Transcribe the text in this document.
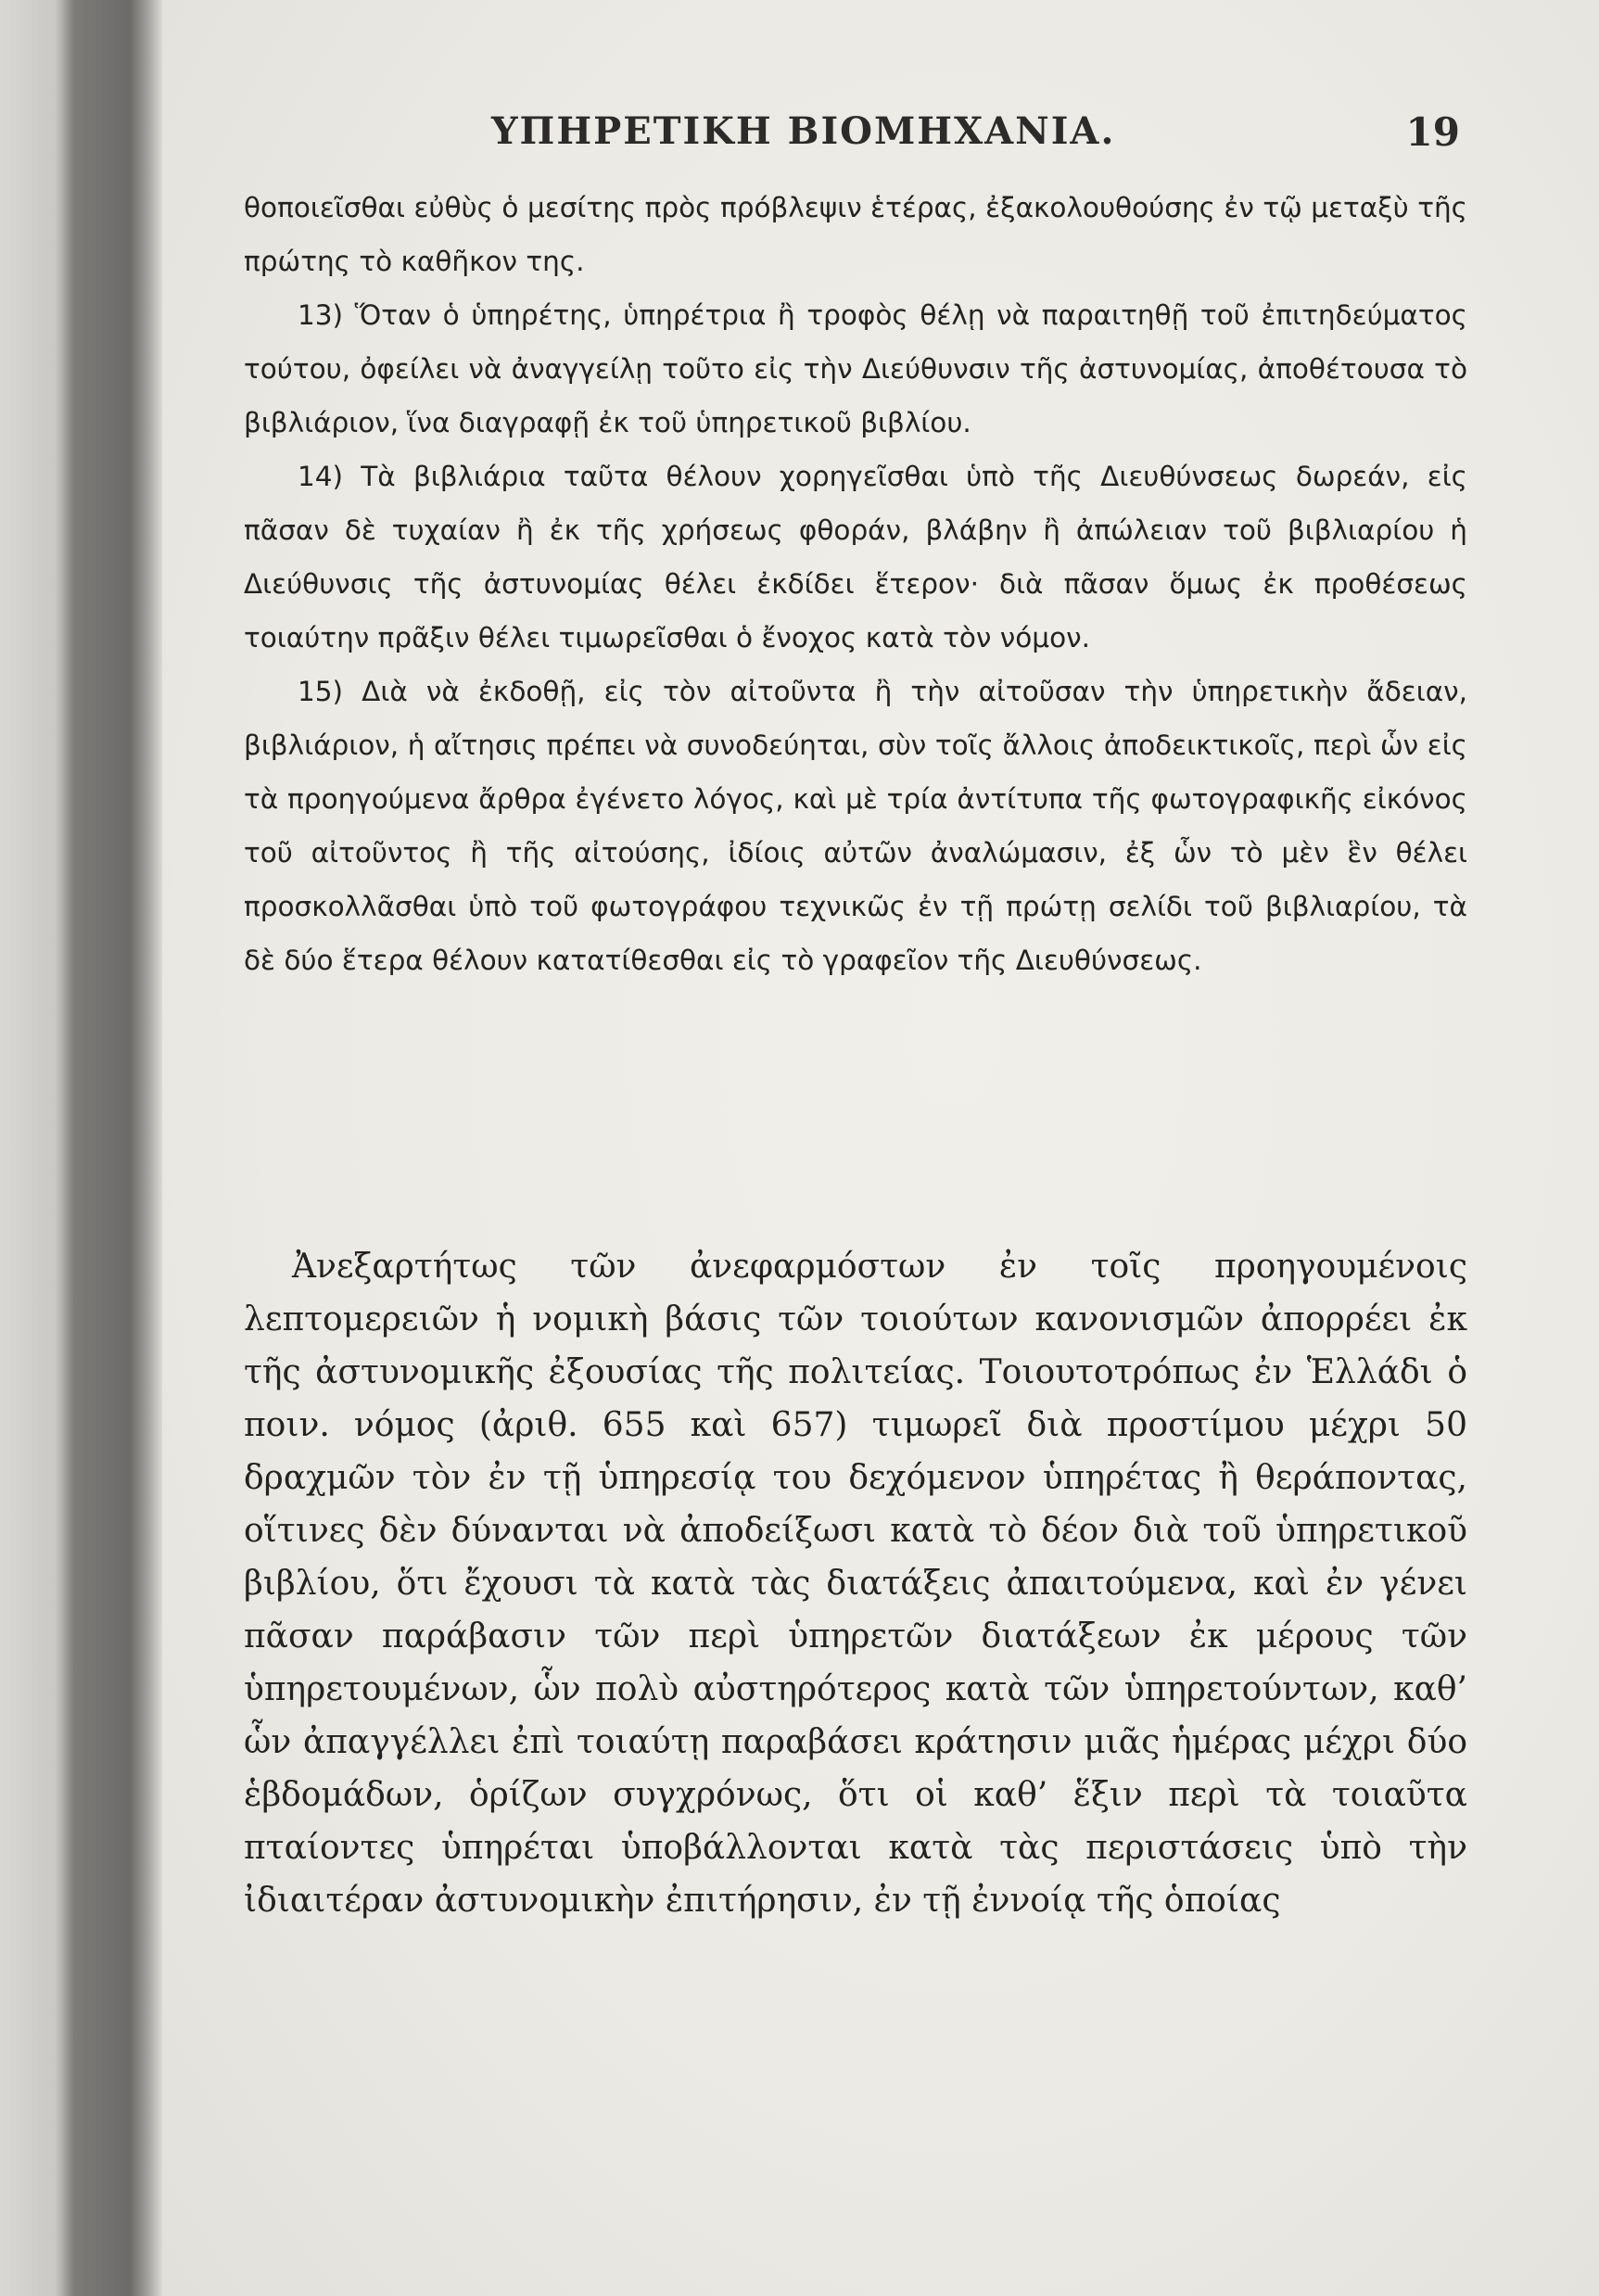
ΥΠΗΡΕΤΙΚΗ ΒΙΟΜΗΧΑΝΙΑ.	19

θοποιεῖσθαι εὐθὺς ὁ μεσίτης πρὸς πρόβλεψιν ἑτέρας, ἐξακολουθούσης ἐν τῷ μεταξὺ τῆς πρώτης τὸ καθῆκον της.

13) Ὅταν ὁ ὑπηρέτης, ὑπηρέτρια ἢ τροφὸς θέλῃ νὰ παραιτηθῇ τοῦ ἐπιτηδεύματος τούτου, ὀφείλει νὰ ἀναγγείλῃ τοῦτο εἰς τὴν Διεύθυνσιν τῆς ἀστυνομίας, ἀποθέτουσα τὸ βιβλιάριον, ἵνα διαγραφῇ ἐκ τοῦ ὑπηρετικοῦ βιβλίου.

14) Τὰ βιβλιάρια ταῦτα θέλουν χορηγεῖσθαι ὑπὸ τῆς Διευθύνσεως δωρεάν, εἰς πᾶσαν δὲ τυχαίαν ἢ ἐκ τῆς χρήσεως φθοράν, βλάβην ἢ ἀπώλειαν τοῦ βιβλιαρίου ἡ Διεύθυνσις τῆς ἀστυνομίας θέλει ἐκδίδει ἕτερον· διὰ πᾶσαν ὅμως ἐκ προθέσεως τοιαύτην πρᾶξιν θέλει τιμωρεῖσθαι ὁ ἔνοχος κατὰ τὸν νόμον.

15) Διὰ νὰ ἐκδοθῇ, εἰς τὸν αἰτοῦντα ἢ τὴν αἰτοῦσαν τὴν ὑπηρετικὴν ἄδειαν, βιβλιάριον, ἡ αἴτησις πρέπει νὰ συνοδεύηται, σὺν τοῖς ἄλλοις ἀποδεικτικοῖς, περὶ ὧν εἰς τὰ προηγούμενα ἄρθρα ἐγένετο λόγος, καὶ μὲ τρία ἀντίτυπα τῆς φωτογραφικῆς εἰκόνος τοῦ αἰτοῦντος ἢ τῆς αἰτούσης, ἰδίοις αὐτῶν ἀναλώμασιν, ἐξ ὧν τὸ μὲν ἓν θέλει προσκολλᾶσθαι ὑπὸ τοῦ φωτογράφου τεχνικῶς ἐν τῇ πρώτῃ σελίδι τοῦ βιβλιαρίου, τὰ δὲ δύο ἕτερα θέλουν κατατίθεσθαι εἰς τὸ γραφεῖον τῆς Διευθύνσεως.

Ἀνεξαρτήτως τῶν ἀνεφαρμόστων ἐν τοῖς προηγουμένοις λεπτομερειῶν ἡ νομικὴ βάσις τῶν τοιούτων κανονισμῶν ἀπορρέει ἐκ τῆς ἀστυνομικῆς ἐξουσίας τῆς πολιτείας. Τοιουτοτρόπως ἐν Ἑλλάδι ὁ ποιν. νόμος (ἀριθ. 655 καὶ 657) τιμωρεῖ διὰ προστίμου μέχρι 50 δραχμῶν τὸν ἐν τῇ ὑπηρεσίᾳ του δεχόμενον ὑπηρέτας ἢ θεράποντας, οἵτινες δὲν δύνανται νὰ ἀποδείξωσι κατὰ τὸ δέον διὰ τοῦ ὑπηρετικοῦ βιβλίου, ὅτι ἔχουσι τὰ κατὰ τὰς διατάξεις ἀπαιτούμενα, καὶ ἐν γένει πᾶσαν παράβασιν τῶν περὶ ὑπηρετῶν διατάξεων ἐκ μέρους τῶν ὑπηρετουμένων, ὧν πολὺ αὐστηρότερος κατὰ τῶν ὑπηρετούντων, καθ’ ὧν ἀπαγγέλλει ἐπὶ τοιαύτῃ παραβάσει κράτησιν μιᾶς ἡμέρας μέχρι δύο ἑβδομάδων, ὁρίζων συγχρόνως, ὅτι οἱ καθ’ ἕξιν περὶ τὰ τοιαῦτα πταίοντες ὑπηρέται ὑποβάλλονται κατὰ τὰς περιστάσεις ὑπὸ τὴν ἰδιαιτέραν ἀστυνομικὴν ἐπιτήρησιν, ἐν τῇ ἐννοίᾳ τῆς ὁποίας
